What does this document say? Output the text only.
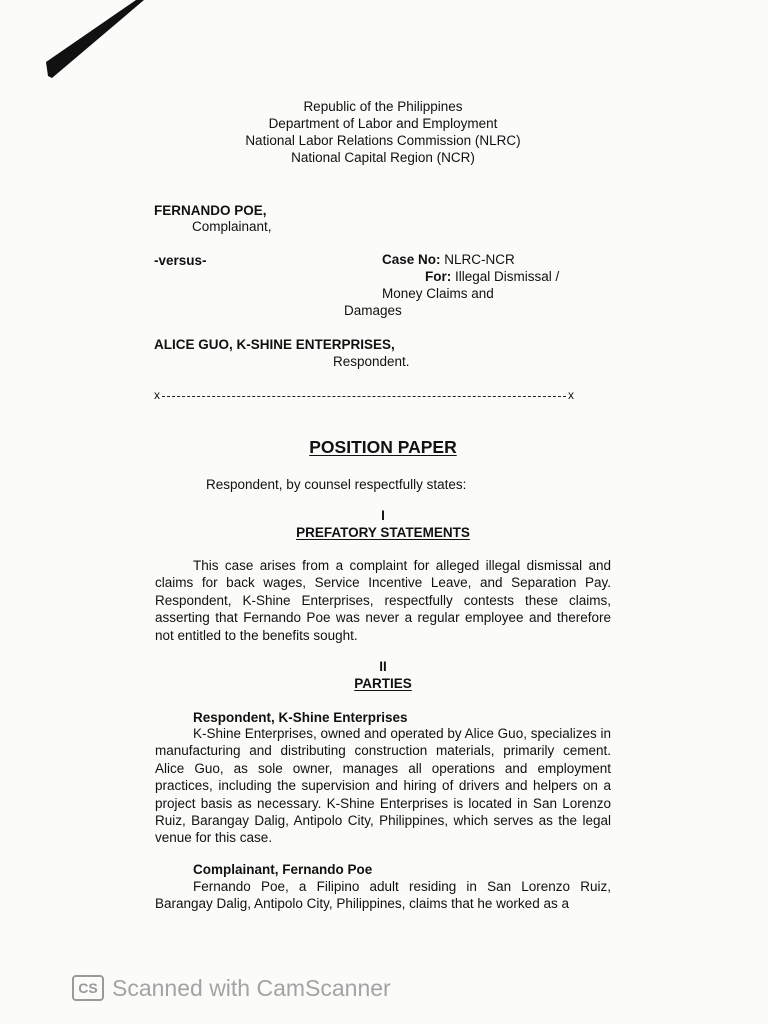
Republic of the Philippines
Department of Labor and Employment
National Labor Relations Commission (NLRC)
National Capital Region (NCR)
FERNANDO POE,
Complainant,
-versus-	Case No: NLRC-NCR
For: Illegal Dismissal /
Money Claims and
Damages
ALICE GUO, K-SHINE ENTERPRISES,
Respondent.
x	x
POSITION PAPER
Respondent, by counsel respectfully states:
I
PREFATORY STATEMENTS
This case arises from a complaint for alleged illegal dismissal and claims for back wages, Service Incentive Leave, and Separation Pay. Respondent, K-Shine Enterprises, respectfully contests these claims, asserting that Fernando Poe was never a regular employee and therefore not entitled to the benefits sought.
II
PARTIES
Respondent, K-Shine Enterprises
K-Shine Enterprises, owned and operated by Alice Guo, specializes in manufacturing and distributing construction materials, primarily cement. Alice Guo, as sole owner, manages all operations and employment practices, including the supervision and hiring of drivers and helpers on a project basis as necessary. K-Shine Enterprises is located in San Lorenzo Ruiz, Barangay Dalig, Antipolo City, Philippines, which serves as the legal venue for this case.
Complainant, Fernando Poe
Fernando Poe, a Filipino adult residing in San Lorenzo Ruiz, Barangay Dalig, Antipolo City, Philippines, claims that he worked as a
CS Scanned with CamScanner
